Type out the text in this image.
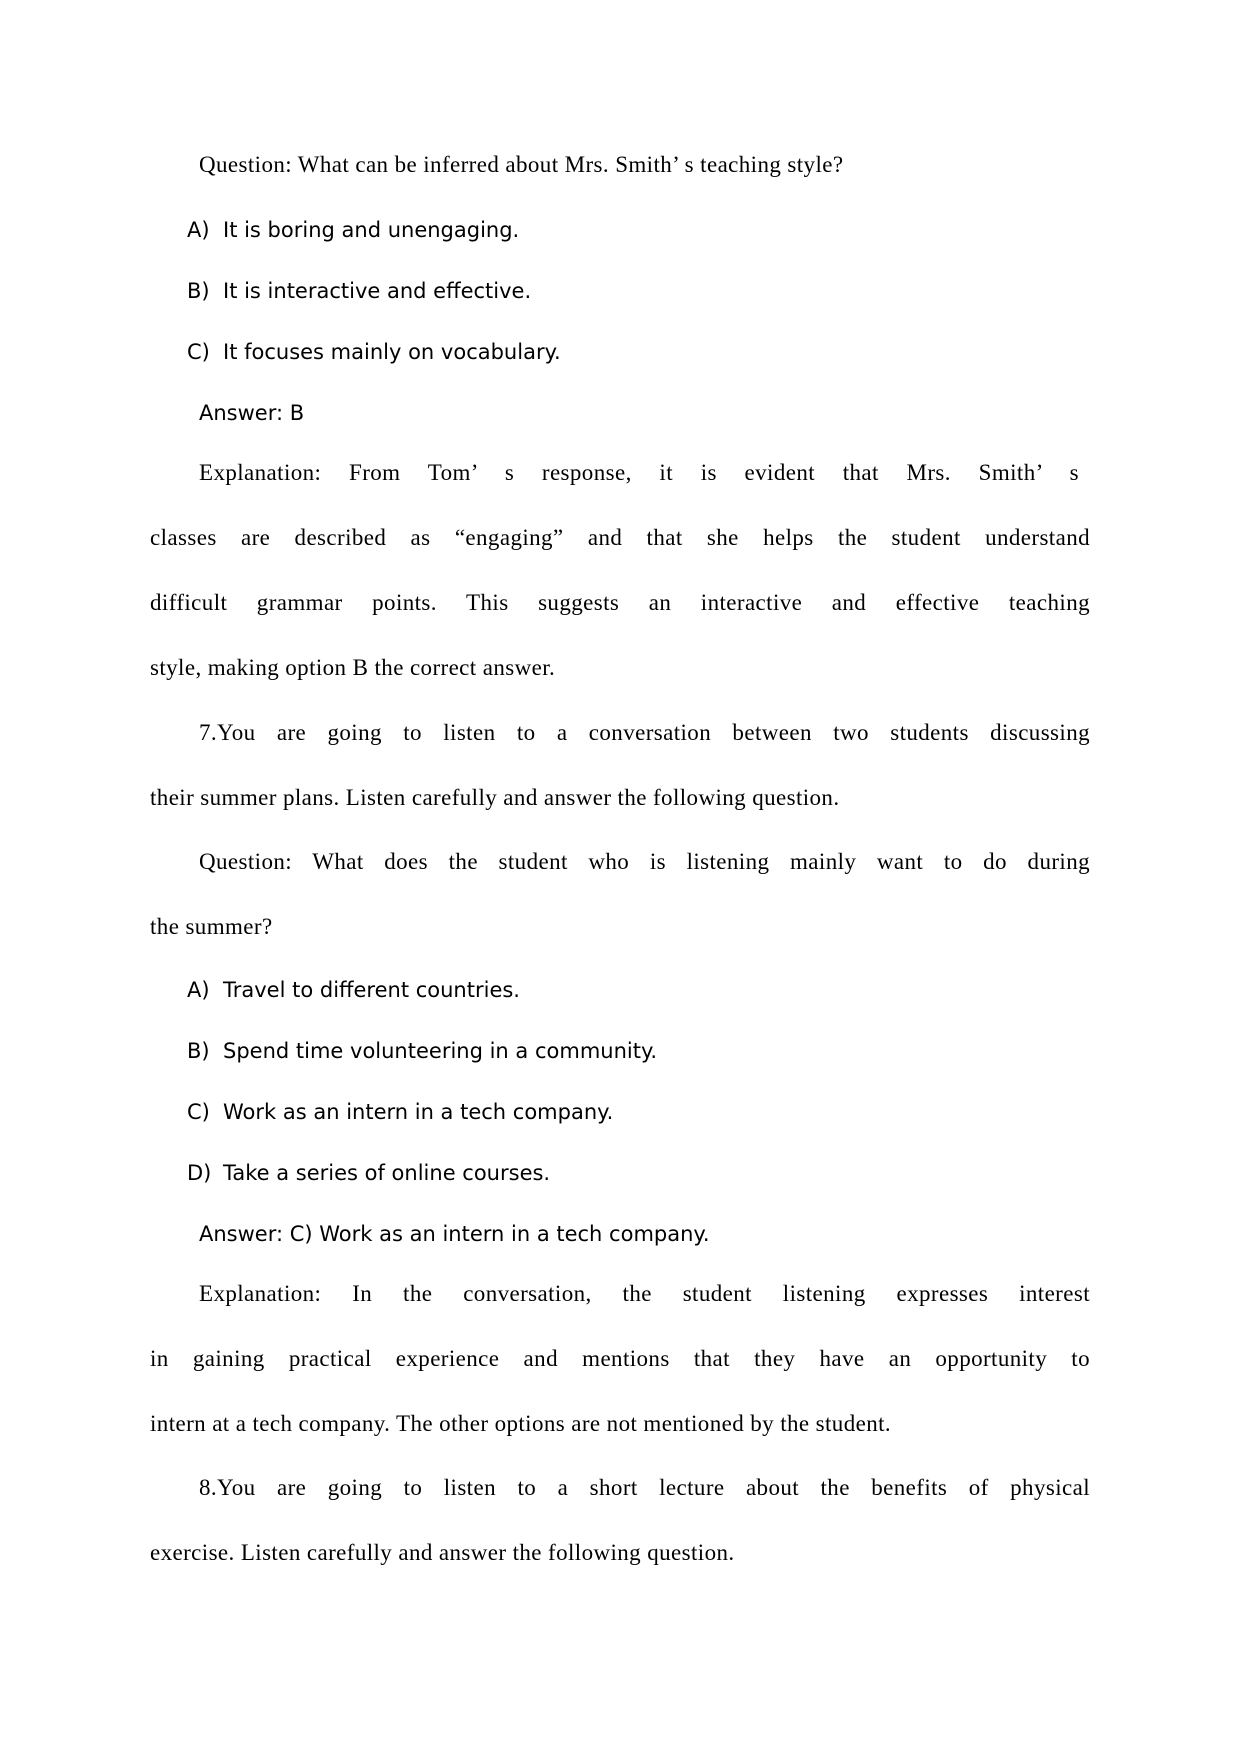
Question: What can be inferred about Mrs. Smith’ s teaching style?
A) It is boring and unengaging.
B) It is interactive and effective.
C) It focuses mainly on vocabulary.
Answer: B
Explanation: From Tom’ s response, it is evident that Mrs. Smith’ s
classes are described as “engaging” and that she helps the student understand
difficult grammar points. This suggests an interactive and effective teaching
style, making option B the correct answer.
7.You are going to listen to a conversation between two students discussing
their summer plans. Listen carefully and answer the following question.
Question: What does the student who is listening mainly want to do during
the summer?
A) Travel to different countries.
B) Spend time volunteering in a community.
C) Work as an intern in a tech company.
D) Take a series of online courses.
Answer: C) Work as an intern in a tech company.
Explanation: In the conversation, the student listening expresses interest
in gaining practical experience and mentions that they have an opportunity to
intern at a tech company. The other options are not mentioned by the student.
8.You are going to listen to a short lecture about the benefits of physical
exercise. Listen carefully and answer the following question.
